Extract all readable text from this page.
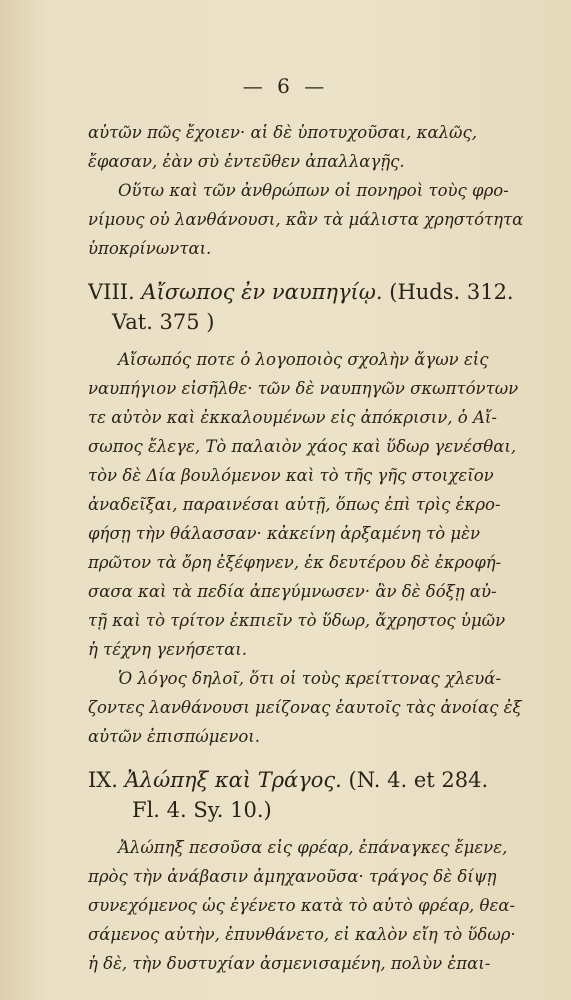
— 6 —
αὐτῶν πῶς ἔχοιεν· αἱ δὲ ὑποτυχοῦσαι, καλῶς,
ἔφασαν, ἐὰν σὺ ἐντεῦθεν ἀπαλλαγῇς.
Οὕτω καὶ τῶν ἀνθρώπων οἱ πονηροὶ τοὺς φρο-
νίμους οὐ λανθάνουσι, κἂν τὰ μάλιστα χρηστότητα
ὑποκρίνωνται.
VIII. Αἴσωπος ἐν ναυπηγίῳ. (Huds. 312.
Vat. 375 )
Αἴσωπός ποτε ὁ λογοποιὸς σχολὴν ἄγων εἰς
ναυπήγιον εἰσῆλθε· τῶν δὲ ναυπηγῶν σκωπτόντων
τε αὐτὸν καὶ ἐκκαλουμένων εἰς ἀπόκρισιν, ὁ Αἴ-
σωπος ἔλεγε, Τὸ παλαιὸν χάος καὶ ὕδωρ γενέσθαι,
τὸν δὲ Δία βουλόμενον καὶ τὸ τῆς γῆς στοιχεῖον
ἀναδεῖξαι, παραινέσαι αὐτῇ, ὅπως ἐπὶ τρὶς ἐκρο-
φήσῃ τὴν θάλασσαν· κἀκείνη ἀρξαμένη τὸ μὲν
πρῶτον τὰ ὄρη ἐξέφηνεν, ἐκ δευτέρου δὲ ἐκροφή-
σασα καὶ τὰ πεδία ἀπεγύμνωσεν· ἂν δὲ δόξῃ αὐ-
τῇ καὶ τὸ τρίτον ἐκπιεῖν τὸ ὕδωρ, ἄχρηστος ὑμῶν
ἡ τέχνη γενήσεται.
Ὁ λόγος δηλοῖ, ὅτι οἱ τοὺς κρείττονας χλευά-
ζοντες λανθάνουσι μείζονας ἑαυτοῖς τὰς ἀνοίας ἐξ
αὐτῶν ἐπισπώμενοι.
IX. Ἀλώπηξ καὶ Τράγος. (N. 4. et 284.
Fl. 4. Sy. 10.)
Ἀλώπηξ πεσοῦσα εἰς φρέαρ, ἐπάναγκες ἔμενε,
πρὸς τὴν ἀνάβασιν ἀμηχανοῦσα· τράγος δὲ δίψῃ
συνεχόμενος ὡς ἐγένετο κατὰ τὸ αὐτὸ φρέαρ, θεα-
σάμενος αὐτὴν, ἐπυνθάνετο, εἰ καλὸν εἴη τὸ ὕδωρ·
ἡ δὲ, τὴν δυστυχίαν ἀσμενισαμένη, πολὺν ἐπαι-
